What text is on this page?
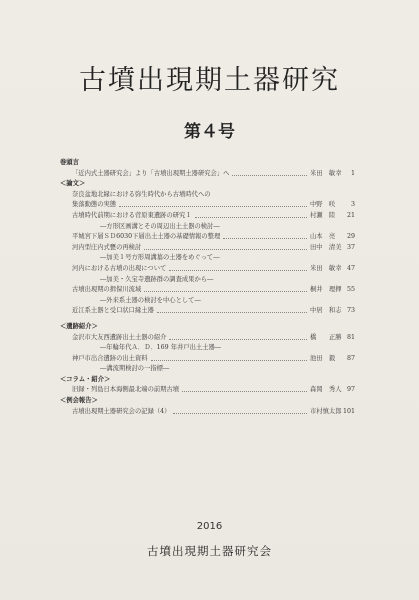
古墳出現期土器研究
第４号
巻頭言
「近内式土器研究会」より「古墳出現期土器研究会」へ	米田　敏幸 1
＜論文＞
奈良盆地北縁における弥生時代から古墳時代への
集落動態の実態	中野　咲	3
古墳時代前期における菅原東遺跡の研究１	村瀬　陸 21
―方形区画溝とその周辺出土土器の検討―
平城宮下層ＳＤ6030下層出土土器の基礎情報の整理	山本　亮 29
河内型庄内式甕の再検討	田中　清美 37
―加美１号方形周溝墓の土器をめぐって―
河内における古墳の出現について	米田　敏幸 47
―加美・久宝寺遺跡群の調査成果から―
古墳出現期の揖保川流域	桐井　理揮 55
―外来系土器の検討を中心として―
近江系土器と受口状口縁土器	中居　和志 73
＜遺跡紹介＞
金沢市大友西遺跡出土土器の紹介	橋　　正勝 81
―年輪年代Ａ．Ｄ．169 年井戸出土土器―
神戸市出合遺跡の出土資料	池田　毅 87
―溝流期検討の一指標―
＜コラム・紹介＞
旧録・列島日本海側最北端の前期古墳	森岡　秀人 97
＜例会報告＞
古墳出現期土器研究会の記録（4）	市村慎太郎 101
2016
古墳出現期土器研究会
